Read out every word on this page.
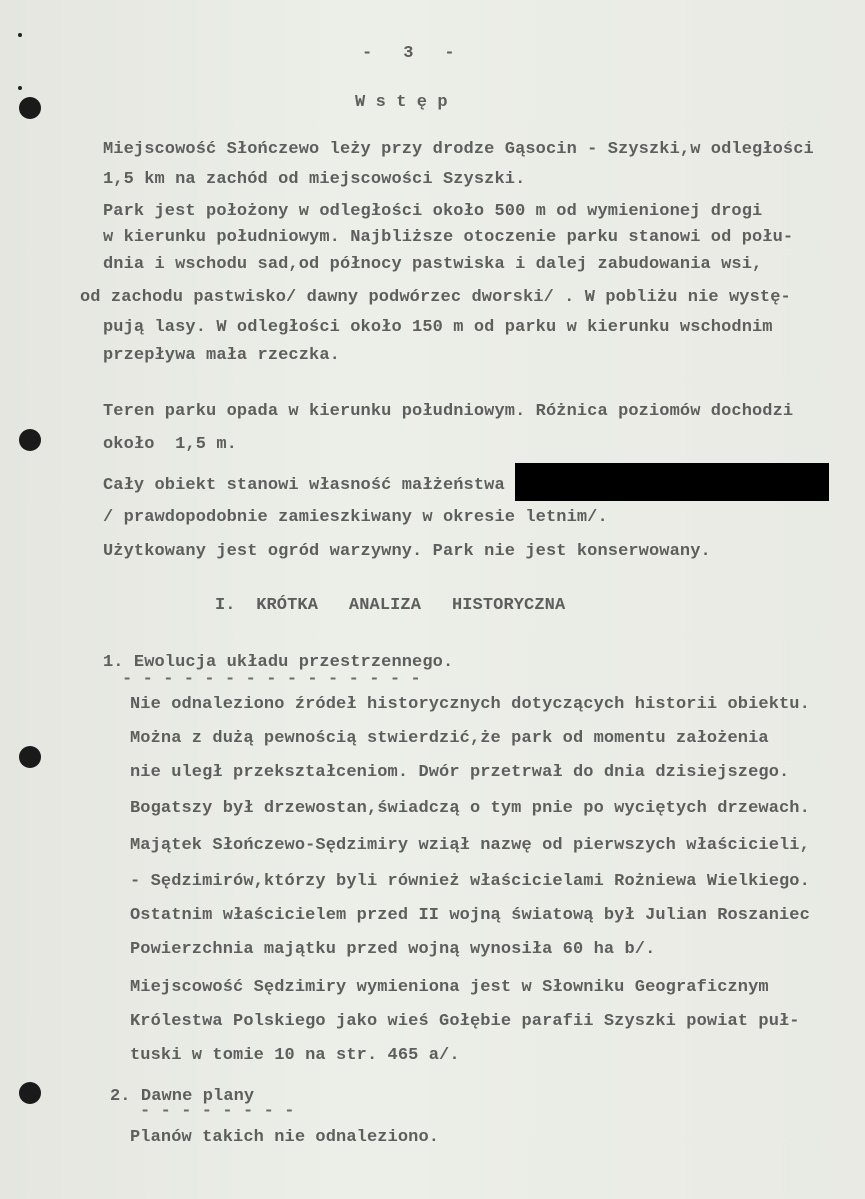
-   3   -
W s t ę p
Miejscowość Słończewo leży przy drodze Gąsocin - Szyszki,w odległości
1,5 km na zachód od miejscowości Szyszki.
Park jest położony w odległości około 500 m od wymienionej drogi
w kierunku południowym. Najbliższe otoczenie parku stanowi od połu-
dnia i wschodu sad,od północy pastwiska i dalej zabudowania wsi,
od zachodu pastwisko/ dawny podwórzec dworski/ . W pobliżu nie wystę-
pują lasy. W odległości około 150 m od parku w kierunku wschodnim
przepływa mała rzeczka.
Teren parku opada w kierunku południowym. Różnica poziomów dochodzi
około  1,5 m.
Cały obiekt stanowi własność małżeństwa
/ prawdopodobnie zamieszkiwany w okresie letnim/.
Użytkowany jest ogród warzywny. Park nie jest konserwowany.
I.  KRÓTKA   ANALIZA   HISTORYCZNA
1. Ewolucja układu przestrzennego.
- - - - - - - - - - - - - - -
Nie odnaleziono źródeł historycznych dotyczących historii obiektu.
Można z dużą pewnością stwierdzić,że park od momentu założenia
nie uległ przekształceniom. Dwór przetrwał do dnia dzisiejszego.
Bogatszy był drzewostan,świadczą o tym pnie po wyciętych drzewach.
Majątek Słończewo-Sędzimiry wziął nazwę od pierwszych właścicieli,
- Sędzimirów,którzy byli również właścicielami Rożniewa Wielkiego.
Ostatnim właścicielem przed II wojną światową był Julian Roszaniec
Powierzchnia majątku przed wojną wynosiła 60 ha b/.
Miejscowość Sędzimiry wymieniona jest w Słowniku Geograficznym
Królestwa Polskiego jako wieś Gołębie parafii Szyszki powiat puł-
tuski w tomie 10 na str. 465 a/.
2. Dawne plany
- - - - - - - -
Planów takich nie odnaleziono.
